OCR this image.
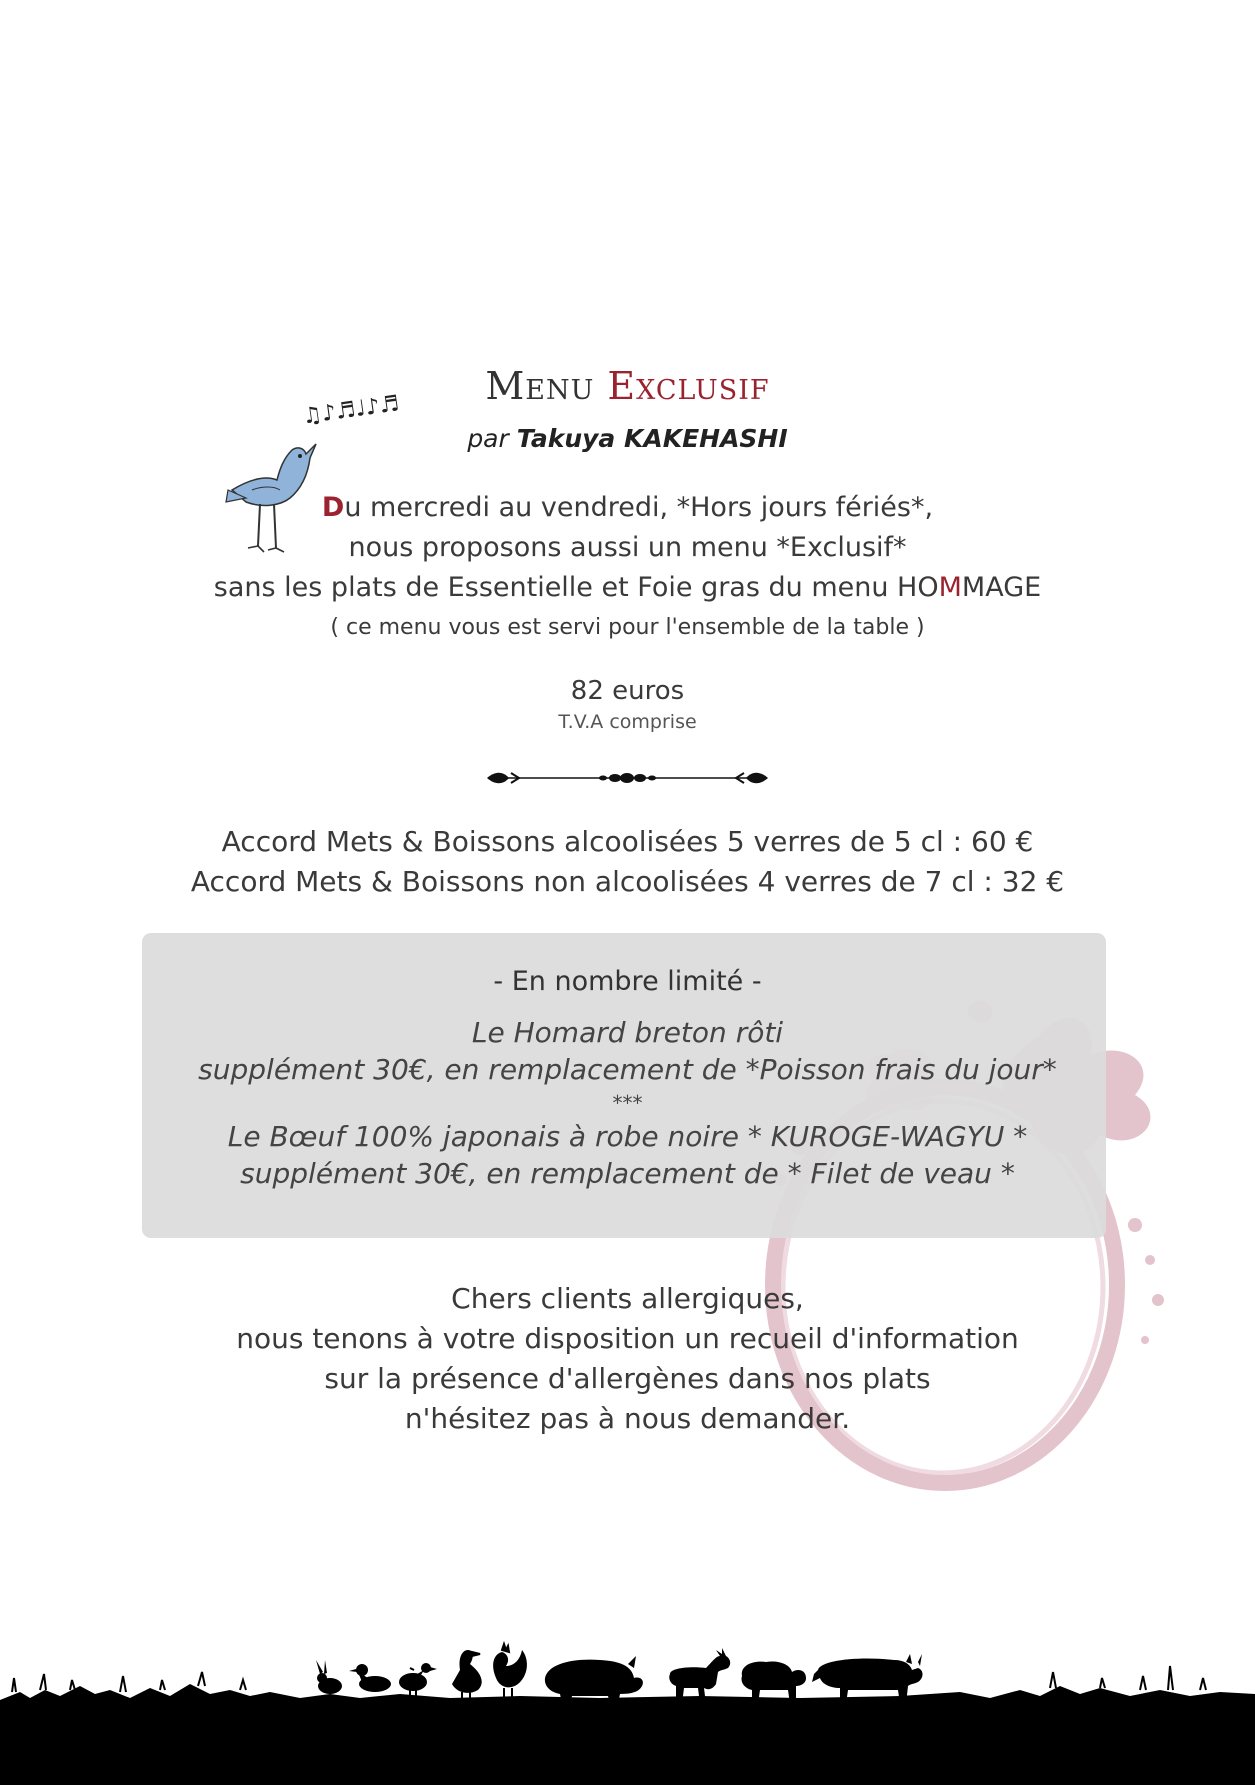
♫♪♬♩♪♬
Menu Exclusif
par Takuya KAKEHASHI
Du mercredi au vendredi, *Hors jours fériés*,
nous proposons aussi un menu *Exclusif*
sans les plats de Essentielle et Foie gras du menu HOMMAGE
( ce menu vous est servi pour l'ensemble de la table )
82 euros
T.V.A comprise
Accord Mets & Boissons alcoolisées 5 verres de 5 cl : 60 €
Accord Mets & Boissons non alcoolisées 4 verres de 7 cl : 32 €
- En nombre limité -
Le Homard breton rôti
supplément 30€, en remplacement de *Poisson frais du jour*
***
Le Bœuf 100% japonais à robe noire * KUROGE-WAGYU *
supplément 30€, en remplacement de * Filet de veau *
Chers clients allergiques,
nous tenons à votre disposition un recueil d'information
sur la présence d'allergènes dans nos plats
n'hésitez pas à nous demander.
